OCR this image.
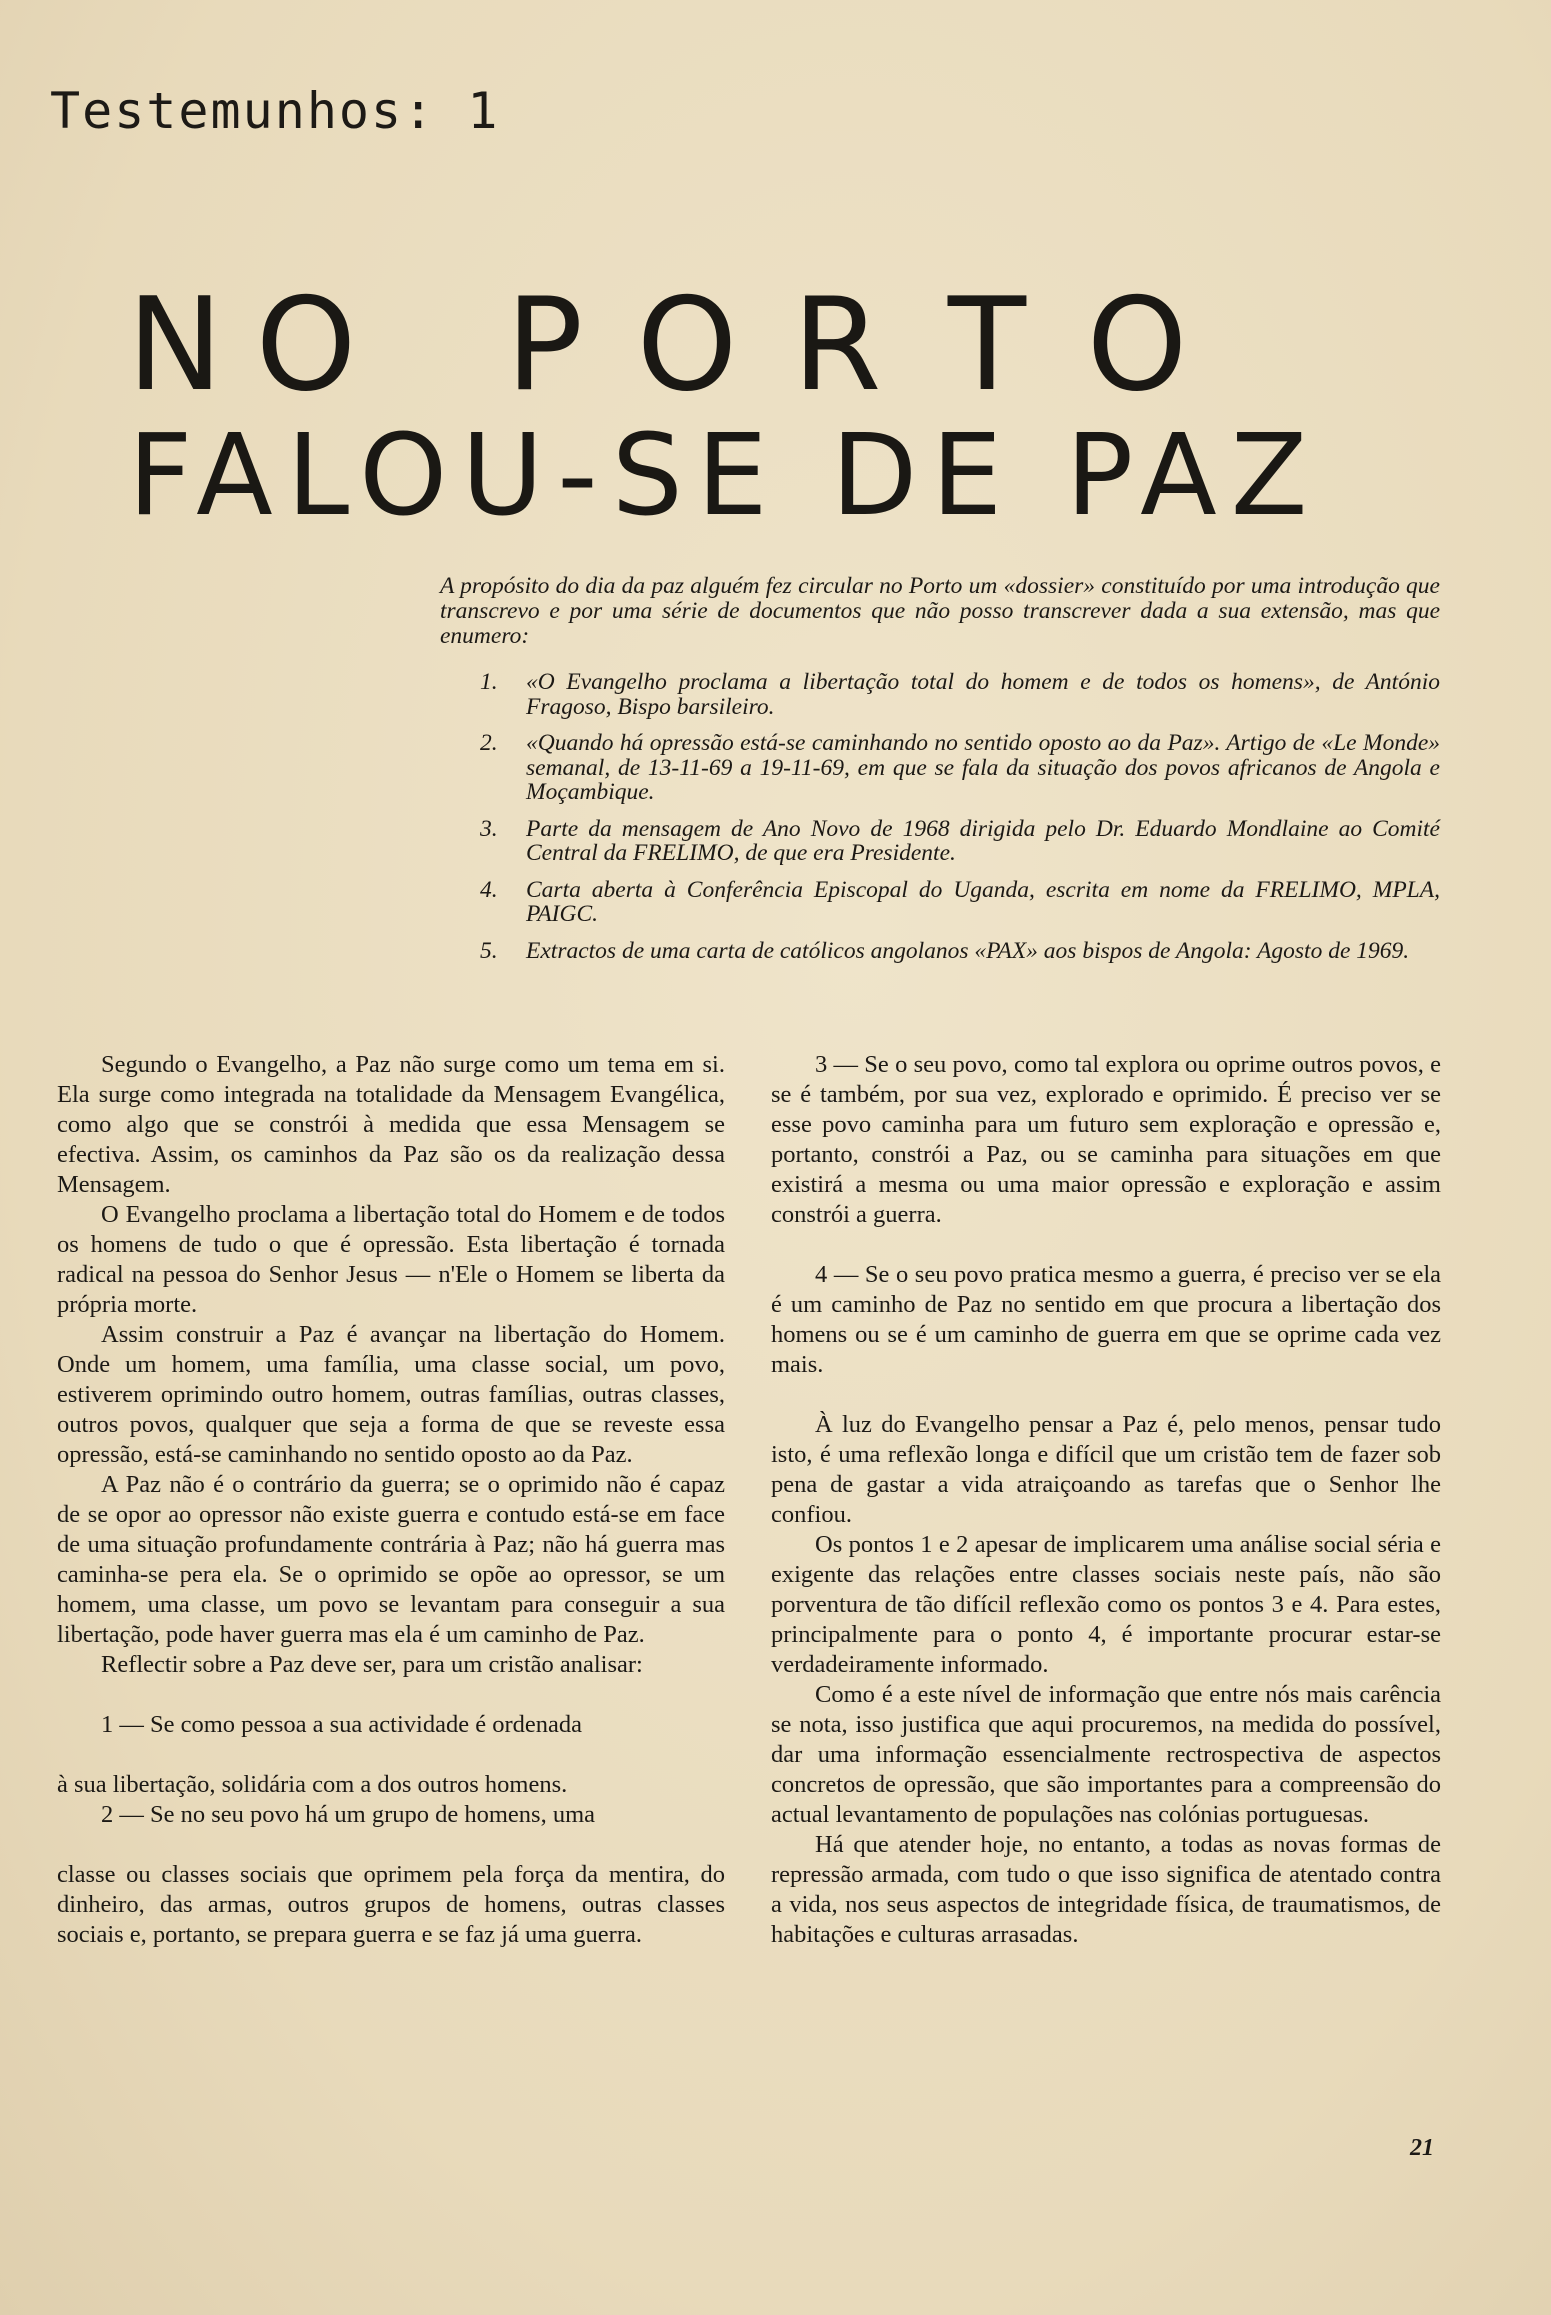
Testemunhos: 1
N O P O R T O
FALOU-SE DE PAZ
A propósito do dia da paz alguém fez circular no Porto um «dossier» constituído por uma introdução que transcrevo e por uma série de documentos que não posso transcrever dada a sua extensão, mas que enumero:
1.	«O Evangelho proclama a libertação total do homem e de todos os homens», de António Fragoso, Bispo barsileiro.
2.	«Quando há opressão está-se caminhando no sentido oposto ao da Paz». Artigo de «Le Monde» semanal, de 13-11-69 a 19-11-69, em que se fala da situação dos povos africanos de Angola e Moçambique.
3.	Parte da mensagem de Ano Novo de 1968 dirigida pelo Dr. Eduardo Mondlaine ao Comité Central da FRELIMO, de que era Presidente.
4.	Carta aberta à Conferência Episcopal do Uganda, escrita em nome da FRELIMO, MPLA, PAIGC.
5.	Extractos de uma carta de católicos angolanos «PAX» aos bispos de Angola: Agosto de 1969.

Segundo o Evangelho, a Paz não surge como um tema em si. Ela surge como integrada na totalidade da Mensagem Evangélica, como algo que se constrói à medida que essa Mensagem se efectiva. Assim, os caminhos da Paz são os da realização dessa Mensagem.

O Evangelho proclama a libertação total do Homem e de todos os homens de tudo o que é opressão. Esta libertação é tornada radical na pessoa do Senhor Jesus — n'Ele o Homem se liberta da própria morte.

Assim construir a Paz é avançar na libertação do Homem. Onde um homem, uma família, uma classe social, um povo, estiverem oprimindo outro homem, outras famílias, outras classes, outros povos, qualquer que seja a forma de que se reveste essa opressão, está-se caminhando no sentido oposto ao da Paz.

A Paz não é o contrário da guerra; se o oprimido não é capaz de se opor ao opressor não existe guerra e contudo está-se em face de uma situação profundamente contrária à Paz; não há guerra mas caminha-se pera ela. Se o oprimido se opõe ao opressor, se um homem, uma classe, um povo se levantam para conseguir a sua libertação, pode haver guerra mas ela é um caminho de Paz.

Reflectir sobre a Paz deve ser, para um cristão analisar:

1 — Se como pessoa a sua actividade é ordenada

à sua libertação, solidária com a dos outros homens.

2 — Se no seu povo há um grupo de homens, uma

classe ou classes sociais que oprimem pela força da mentira, do dinheiro, das armas, outros grupos de homens, outras classes sociais e, portanto, se prepara guerra e se faz já uma guerra.

3 — Se o seu povo, como tal explora ou oprime outros povos, e se é também, por sua vez, explorado e oprimido. É preciso ver se esse povo caminha para um futuro sem exploração e opressão e, portanto, constrói a Paz, ou se caminha para situações em que existirá a mesma ou uma maior opressão e exploração e assim constrói a guerra.

4 — Se o seu povo pratica mesmo a guerra, é preciso ver se ela é um caminho de Paz no sentido em que procura a libertação dos homens ou se é um caminho de guerra em que se oprime cada vez mais.

À luz do Evangelho pensar a Paz é, pelo menos, pensar tudo isto, é uma reflexão longa e difícil que um cristão tem de fazer sob pena de gastar a vida atraiçoando as tarefas que o Senhor lhe confiou.

Os pontos 1 e 2 apesar de implicarem uma análise social séria e exigente das relações entre classes sociais neste país, não são porventura de tão difícil reflexão como os pontos 3 e 4. Para estes, principalmente para o ponto 4, é importante procurar estar-se verdadeiramente informado.

Como é a este nível de informação que entre nós mais carência se nota, isso justifica que aqui procuremos, na medida do possível, dar uma informação essencialmente rectrospectiva de aspectos concretos de opressão, que são importantes para a compreensão do actual levantamento de populações nas colónias portuguesas.

Há que atender hoje, no entanto, a todas as novas formas de repressão armada, com tudo o que isso significa de atentado contra a vida, nos seus aspectos de integridade física, de traumatismos, de habitações e culturas arrasadas.

21
